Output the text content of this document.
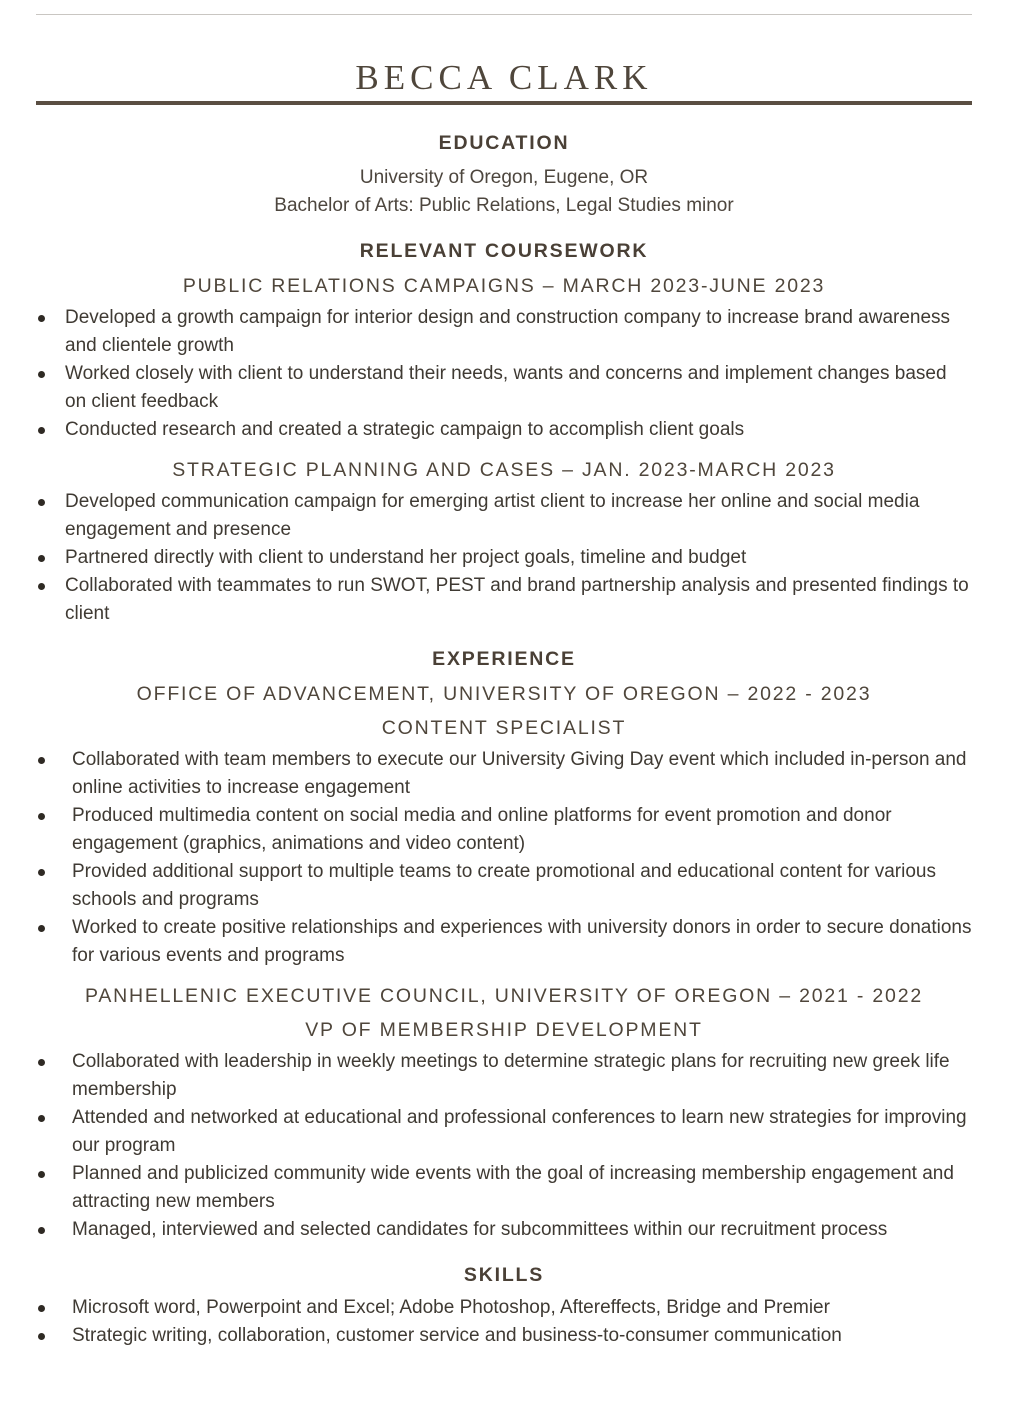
BECCA CLARK
EDUCATION

University of Oregon, Eugene, OR

Bachelor of Arts: Public Relations, Legal Studies minor

RELEVANT COURSEWORK
PUBLIC RELATIONS CAMPAIGNS – MARCH 2023-JUNE 2023
Developed a growth campaign for interior design and construction company to increase brand awareness and clientele growth
Worked closely with client to understand their needs, wants and concerns and implement changes based on client feedback
Conducted research and created a strategic campaign to accomplish client goals
STRATEGIC PLANNING AND CASES – JAN. 2023-MARCH 2023
Developed communication campaign for emerging artist client to increase her online and social media engagement and presence
Partnered directly with client to understand her project goals, timeline and budget
Collaborated with teammates to run SWOT, PEST and brand partnership analysis and presented findings to client
EXPERIENCE
OFFICE OF ADVANCEMENT, UNIVERSITY OF OREGON – 2022 - 2023
CONTENT SPECIALIST
Collaborated with team members to execute our University Giving Day event which included in-person and online activities to increase engagement
Produced multimedia content on social media and online platforms for event promotion and donor engagement (graphics, animations and video content)
Provided additional support to multiple teams to create promotional and educational content for various schools and programs
Worked to create positive relationships and experiences with university donors in order to secure donations for various events and programs
PANHELLENIC EXECUTIVE COUNCIL, UNIVERSITY OF OREGON – 2021 - 2022
VP OF MEMBERSHIP DEVELOPMENT
Collaborated with leadership in weekly meetings to determine strategic plans for recruiting new greek life membership
Attended and networked at educational and professional conferences to learn new strategies for improving our program
Planned and publicized community wide events with the goal of increasing membership engagement and attracting new members
Managed, interviewed and selected candidates for subcommittees within our recruitment process
SKILLS
Microsoft word, Powerpoint and Excel; Adobe Photoshop, Aftereffects, Bridge and Premier
Strategic writing, collaboration, customer service and business-to-consumer communication
